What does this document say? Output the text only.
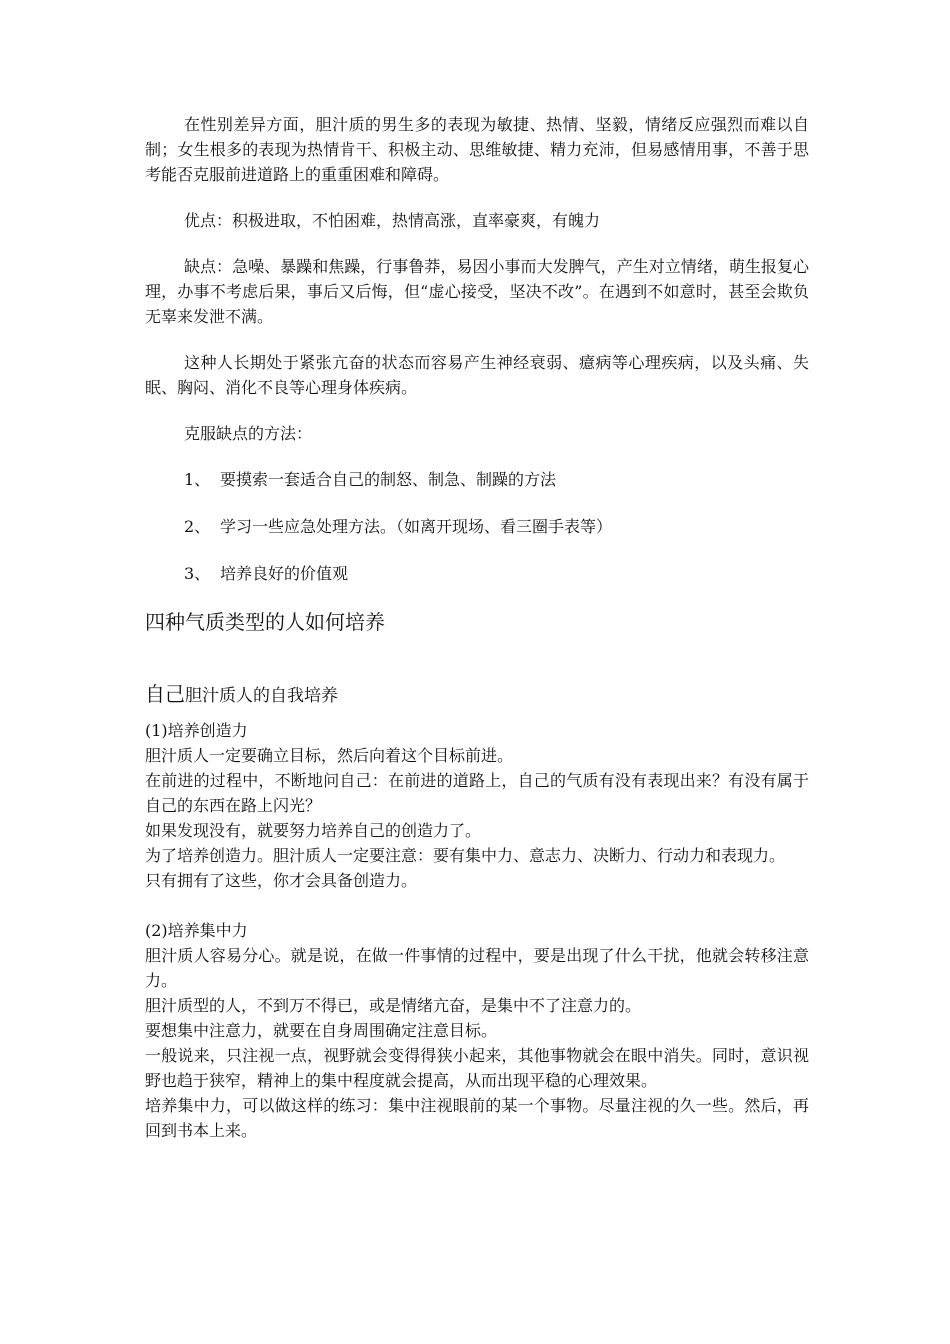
在性别差异方面，胆汁质的男生多的表现为敏捷、热情、坚毅，情绪反应强烈而难以自制；女生根多的表现为热情肯干、积极主动、思维敏捷、精力充沛，但易感情用事，不善于思考能否克服前进道路上的重重困难和障碍。

优点：积极进取，不怕困难，热情高涨，直率豪爽，有魄力

缺点：急噪、暴躁和焦躁，行事鲁莽，易因小事而大发脾气，产生对立情绪，萌生报复心理，办事不考虑后果，事后又后悔，但“虚心接受，坚决不改”。在遇到不如意时，甚至会欺负无辜来发泄不满。

这种人长期处于紧张亢奋的状态而容易产生神经衰弱、癔病等心理疾病，以及头痛、失眠、胸闷、消化不良等心理身体疾病。

克服缺点的方法：

1、 要摸索一套适合自己的制怒、制急、制躁的方法
2、 学习一些应急处理方法。（如离开现场、看三圈手表等）
3、 培养良好的价值观
四种气质类型的人如何培养
自己胆汁质人的自我培养

(1)培养创造力

胆汁质人一定要确立目标，然后向着这个目标前进。

在前进的过程中，不断地问自己：在前进的道路上，自己的气质有没有表现出来？有没有属于自己的东西在路上闪光？

如果发现没有，就要努力培养自己的创造力了。

为了培养创造力。胆汁质人一定要注意：要有集中力、意志力、决断力、行动力和表现力。

只有拥有了这些，你才会具备创造力。

(2)培养集中力

胆汁质人容易分心。就是说，在做一件事情的过程中，要是出现了什么干扰，他就会转移注意力。

胆汁质型的人，不到万不得已，或是情绪亢奋，是集中不了注意力的。

要想集中注意力，就要在自身周围确定注意目标。

一般说来，只注视一点，视野就会变得得狭小起来，其他事物就会在眼中消失。同时，意识视野也趋于狭窄，精神上的集中程度就会提高，从而出现平稳的心理效果。

培养集中力，可以做这样的练习：集中注视眼前的某一个事物。尽量注视的久一些。然后，再回到书本上来。
